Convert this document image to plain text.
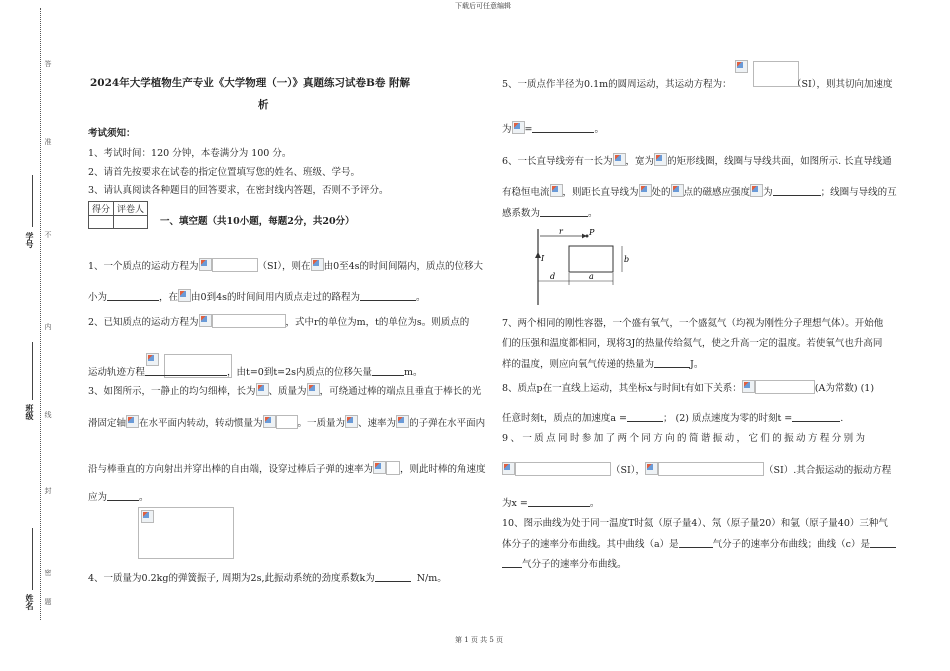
下载后可任意编辑
第 1 页 共 5 页
学号
班级
姓名
答
准
不
内
线
封
密
题
2024年大学植物生产专业《大学物理（一）》真题练习试卷B卷 附解
析
考试须知：
1、考试时间：120 分钟，本卷满分为 100 分。
2、请首先按要求在试卷的指定位置填写您的姓名、班级、学号。
3、请认真阅读各种题目的回答要求，在密封线内答题，否则不予评分。
得分	评卷人

一、填空题（共10小题，每题2分，共20分）
1、一个质点的运动方程为	（SI），则在 由0至4s的时间间隔内，质点的位移大
小为	，在 由0到4s的时间间用内质点走过的路程为	。
2、已知质点的运动方程为	，式中r的单位为m，t的单位为s。则质点的

运动轨迹方程	，由t=0到t=2s内质点的位移矢量	m。
3、如图所示，一静止的均匀细棒，长为 、质量为 ，可绕通过棒的端点且垂直于棒长的光
滑固定轴 在水平面内转动，转动惯量为	。一质量为 、速率为 的子弹在水平面内
沿与棒垂直的方向射出并穿出棒的自由端，设穿过棒后子弹的速率为	，则此时棒的角速度
应为	。
4、一质量为0.2kg的弹簧振子, 周期为2s,此振动系统的劲度系数k为	N/m。

5、一质点作半径为0.1m的圆周运动，其运动方程为：	（SI），则其切向加速度
为 =	。
6、一长直导线旁有一长为 ，宽为 的矩形线圈，线圈与导线共面，如图所示. 长直导线通
有稳恒电流 ，则距长直导线为 处的 点的磁感应强度 为	；线圈与导线的互
感系数为	。
r	P
I	b
d	a
7、两个相同的刚性容器，一个盛有氧气，一个盛氦气（均视为刚性分子理想气体）。开始他
们的压强和温度都相同，现将3J的热量传给氦气，使之升高一定的温度。若使氧气也升高同
样的温度，则应向氧气传递的热量为	J。
8、质点p在一直线上运动，其坐标x与时间t有如下关系：	(A为常数) (1)
任意时刻t，质点的加速度a =	； (2) 质点速度为零的时刻t =	.
9、一质点同时参加了两个同方向的简谐振动，它们的振动方程分别为
（SI），	（SI）.其合振运动的振动方程
为x =	。
10、图示曲线为处于同一温度T时氦（原子量4）、氖（原子量20）和氩（原子量40）三种气
体分子的速率分布曲线。其中曲线（a）是	气分子的速率分布曲线；曲线（c）是
气分子的速率分布曲线。
